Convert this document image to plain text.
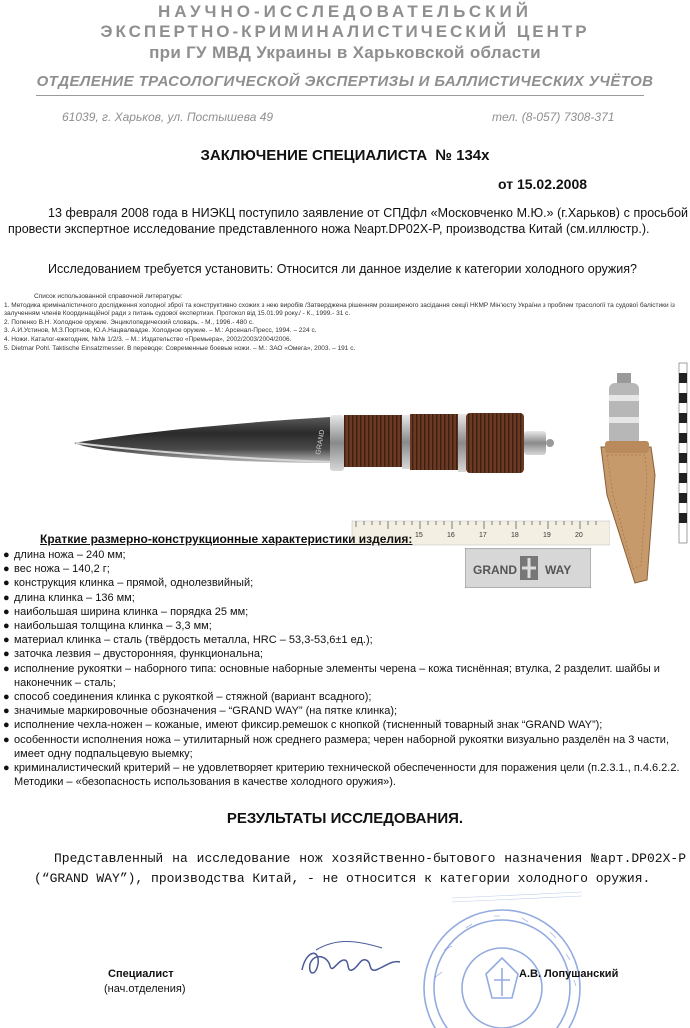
НАУЧНО-ИССЛЕДОВАТЕЛЬСКИЙ
ЭКСПЕРТНО-КРИМИНАЛИСТИЧЕСКИЙ ЦЕНТР
при ГУ МВД Украины в Харьковской области
ОТДЕЛЕНИЕ ТРАСОЛОГИЧЕСКОЙ ЭКСПЕРТИЗЫ И БАЛЛИСТИЧЕСКИХ УЧЁТОВ
61039, г. Харьков, ул. Постышева 49	тел. (8-057) 7308-371
ЗАКЛЮЧЕНИЕ СПЕЦИАЛИСТА № 134х
от 15.02.2008
13 февраля 2008 года в НИЭКЦ поступило заявление от СПДфл «Московченко М.Ю.» (г.Харьков) с просьбой провести экспертное исследование представленного ножа №арт.DP02X-P, производства Китай (см.иллюстр.).
Исследованием требуется установить: Относится ли данное изделие к категории холодного оружия?
Список использованной справочной литературы:
1. Методика криміналістичного дослідження холодної зброї та конструктивно схожих з нею виробів /Затверджена рішенням розширеного засідання секції НКМР Мін'юсту України з проблем трасології та судової балістики із залученням членів Координаційної ради з питань судової експертизи. Протокол від 15.01.99 року./ - К., 1999.- 31 с.
2. Попенко В.Н. Холодное оружие. Энциклопедический словарь. - М., 1996.- 480 с.
3. А.И.Устинов, М.З.Портнов, Ю.А.Нацвалвадзе. Холодное оружие. – М.: Арсенал-Пресс, 1994. – 224 с.
4. Ножи. Каталог-ежегодник, №№ 1/2/3. – М.: Издательство «Премьера», 2002/2003/2004/2006.
5. Dietmar Pohl. Taktische Einsatzmesser. В переводе: Современные боевые ножи. – М.: ЗАО «Омега», 2003. – 191 с.
GRAND
15	16	17	18	19	20
GRAND WAY
Краткие размерно-конструкционные характеристики изделия:
● длина ножа – 240 мм;
● вес ножа – 140,2 г;
● конструкция клинка – прямой, однолезвийный;
● длина клинка – 136 мм;
● наибольшая ширина клинка – порядка 25 мм;
● наибольшая толщина клинка – 3,3 мм;
● материал клинка – сталь (твёрдость металла, HRC – 53,3-53,6±1 ед.);
● заточка лезвия – двусторонняя, функциональна;
● исполнение рукоятки – наборного типа: основные наборные элементы черена – кожа тиснённая; втулка, 2 разделит. шайбы и наконечник – сталь;
● способ соединения клинка с рукояткой – стяжной (вариант всадного);
● значимые маркировочные обозначения – “GRAND WAY” (на пятке клинка);
● исполнение чехла-ножен – кожаные, имеют фиксир.ремешок с кнопкой (тисненный товарный знак “GRAND WAY”);
● особенности исполнения ножа – утилитарный нож среднего размера; черен наборной рукоятки визуально разделён на 3 части, имеет одну подпальцевую выемку;
● криминалистический критерий – не удовлетворяет критерию технической обеспеченности для поражения цели (п.2.3.1., п.4.6.2.2. Методики – «безопасность использования в качестве холодного оружия»).
РЕЗУЛЬТАТЫ ИССЛЕДОВАНИЯ.
Представленный на исследование нож хозяйственно-бытового назначения №арт.DP02X-P (“GRAND WAY”), производства Китай, - не относится к категории холодного оружия.
Специалист
(нач.отделения)
А.В. Лопушанский
